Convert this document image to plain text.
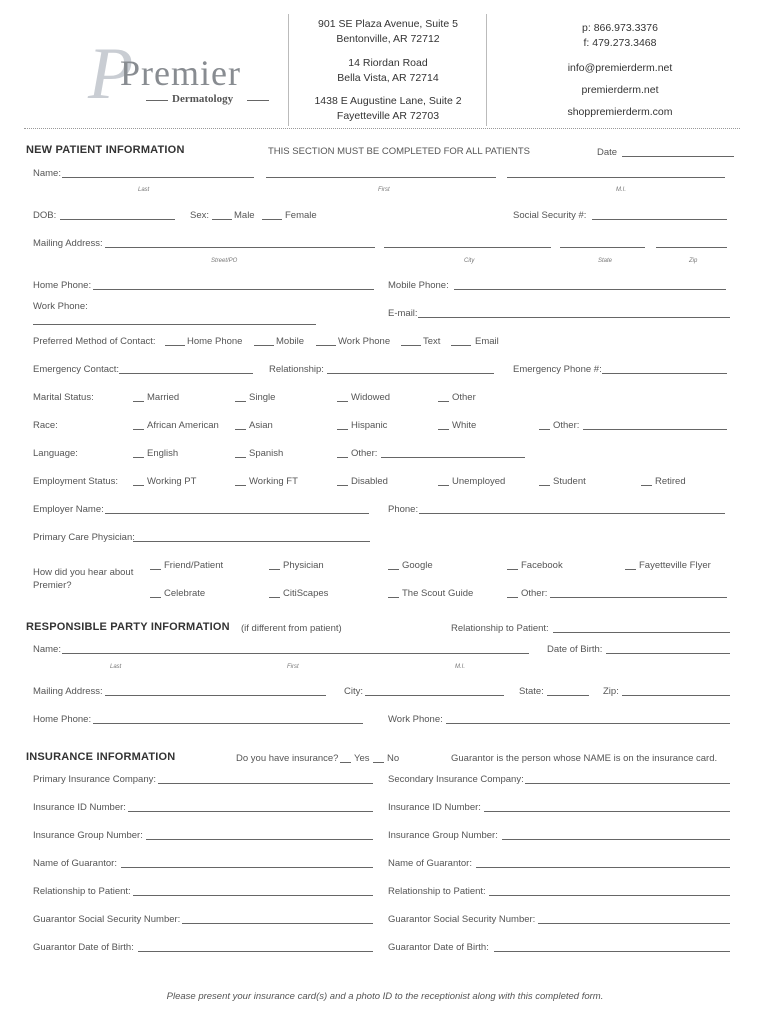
P
Premier
Dermatology
901 SE Plaza Avenue, Suite 5
Bentonville, AR 72712
14 Riordan Road
Bella Vista, AR 72714
1438 E Augustine Lane, Suite 2
Fayetteville AR 72703
p: 866.973.3376
f: 479.273.3468
info@premierderm.net
premierderm.net
shoppremierderm.com
NEW PATIENT INFORMATION	THIS SECTION MUST BE COMPLETED FOR ALL PATIENTS	Date
Name:
Last	First	M.I.
DOB:	Sex:	Male	Female	Social Security #:
Mailing Address:
Street/PO	City	State	Zip
Home Phone:	Mobile Phone:
Work Phone:
E-mail:
Preferred Method of Contact:	Home Phone	Mobile	Work Phone	Text	Email
Emergency Contact:	Relationship:	Emergency Phone #:
Marital Status:	Married	Single	Widowed	Other
Race:	African American	Asian	Hispanic	White	Other:
Language:	English	Spanish	Other:
Employment Status:	Working PT	Working FT	Disabled	Unemployed	Student	Retired
Employer Name:	Phone:
Primary Care Physician:
How did you hear about
Premier?
Friend/Patient	Physician	Google	Facebook	Fayetteville Flyer
Celebrate	CitiScapes	The Scout Guide	Other:
RESPONSIBLE PARTY INFORMATION (if different from patient)	Relationship to Patient:
Name:	Date of Birth:
Last	First	M.I.
Mailing Address:	City:	State:	Zip:
Home Phone:	Work Phone:
INSURANCE INFORMATION	Do you have insurance? Yes No	Guarantor is the person whose NAME is on the insurance card.
Primary Insurance Company:	Secondary Insurance Company:
Insurance ID Number:	Insurance ID Number:
Insurance Group Number:	Insurance Group Number:
Name of Guarantor:	Name of Guarantor:
Relationship to Patient:	Relationship to Patient:
Guarantor Social Security Number:	Guarantor Social Security Number:
Guarantor Date of Birth:	Guarantor Date of Birth:
Please present your insurance card(s) and a photo ID to the receptionist along with this completed form.
